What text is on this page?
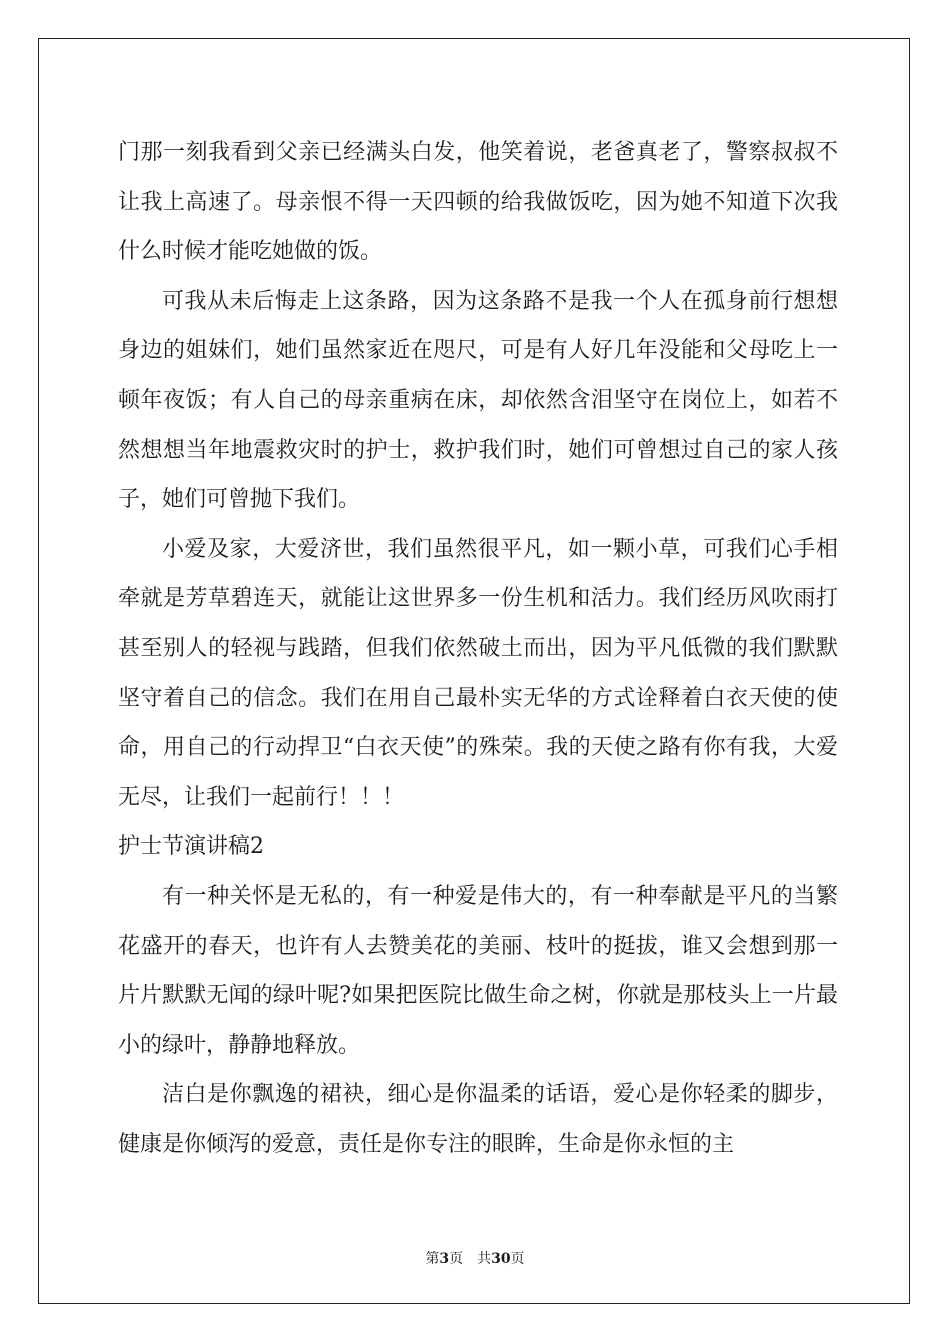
门那一刻我看到父亲已经满头白发，他笑着说，老爸真老了，警察叔叔不让我上高速了。母亲恨不得一天四顿的给我做饭吃，因为她不知道下次我什么时候才能吃她做的饭。

可我从未后悔走上这条路，因为这条路不是我一个人在孤身前行想想身边的姐妹们，她们虽然家近在咫尺，可是有人好几年没能和父母吃上一顿年夜饭；有人自己的母亲重病在床，却依然含泪坚守在岗位上，如若不然想想当年地震救灾时的护士，救护我们时，她们可曾想过自己的家人孩子，她们可曾抛下我们。

小爱及家，大爱济世，我们虽然很平凡，如一颗小草，可我们心手相牵就是芳草碧连天，就能让这世界多一份生机和活力。我们经历风吹雨打甚至别人的轻视与践踏，但我们依然破土而出，因为平凡低微的我们默默坚守着自己的信念。我们在用自己最朴实无华的方式诠释着白衣天使的使命，用自己的行动捍卫“白衣天使”的殊荣。我的天使之路有你有我，大爱无尽，让我们一起前行！！！

护士节演讲稿2

有一种关怀是无私的，有一种爱是伟大的，有一种奉献是平凡的当繁花盛开的春天，也许有人去赞美花的美丽、枝叶的挺拔，谁又会想到那一片片默默无闻的绿叶呢?如果把医院比做生命之树，你就是那枝头上一片最小的绿叶，静静地释放。

洁白是你飘逸的裙袂，细心是你温柔的话语，爱心是你轻柔的脚步，健康是你倾泻的爱意，责任是你专注的眼眸，生命是你永恒的主

第3页 共30页
